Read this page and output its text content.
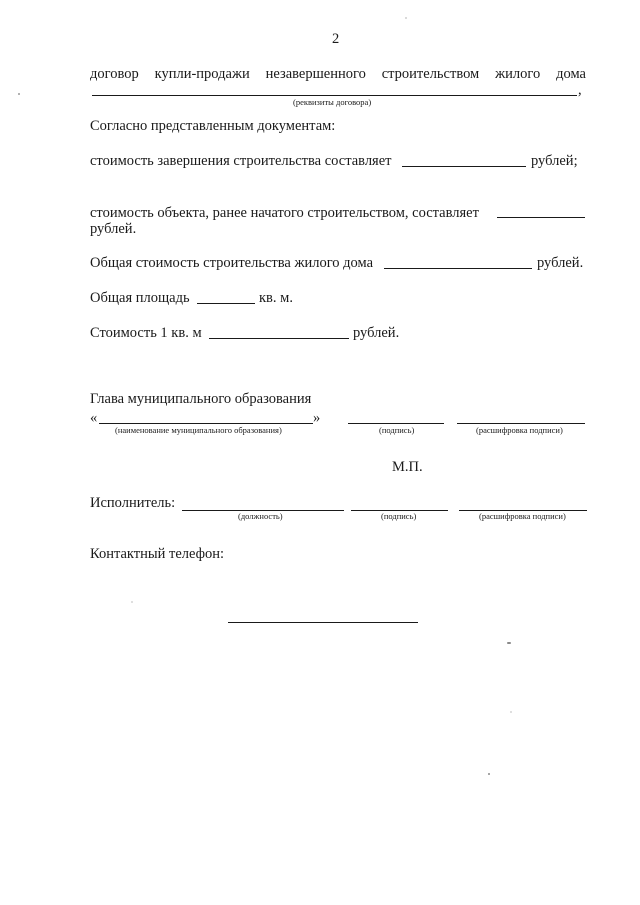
2
договор купли-продажи незавершенного строительством жилого дома
,
(реквизиты договора)
Согласно представленным документам:
стоимость завершения строительства составляет	рублей;
стоимость объекта, ранее начатого строительством, составляет
рублей.
Общая стоимость строительства жилого дома	рублей.
Общая площадь	кв. м.
Стоимость 1 кв. м	рублей.
Глава муниципального образования
«	»
(наименование муниципального образования)	(подпись)	(расшифровка подписи)
М.П.
Исполнитель:
(должность)	(подпись)	(расшифровка подписи)
Контактный телефон:
